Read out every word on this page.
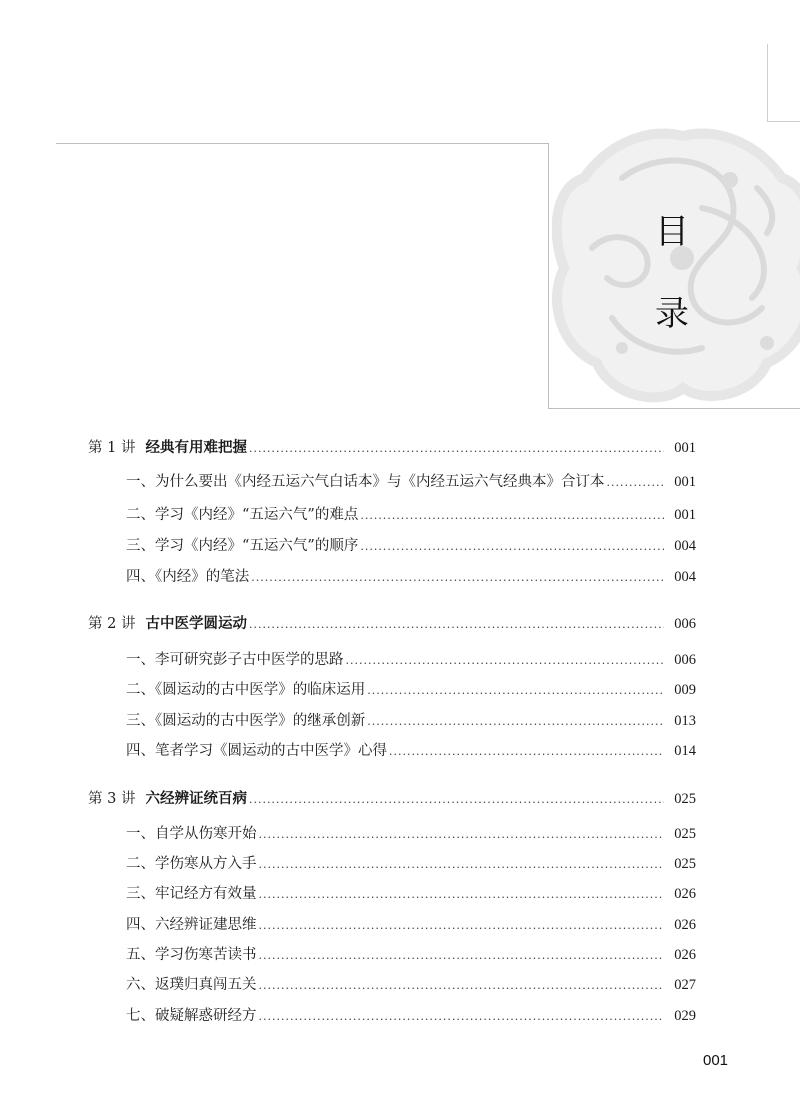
目
录
第 1 讲 经典有用难把握 .....	001
一、为什么要出《内经五运六气白话本》与《内经五运六气经典本》合订本 .....	001
二、学习《内经》“五运六气”的难点 .....	001
三、学习《内经》“五运六气”的顺序 .....	004
四、《内经》的笔法 .....	004
第 2 讲 古中医学圆运动 .....	006
一、李可研究彭子古中医学的思路 .....	006
二、《圆运动的古中医学》的临床运用 .....	009
三、《圆运动的古中医学》的继承创新 .....	013
四、笔者学习《圆运动的古中医学》心得 .....	014
第 3 讲 六经辨证统百病 .....	025
一、自学从伤寒开始 .....	025
二、学伤寒从方入手 .....	025
三、牢记经方有效量 .....	026
四、六经辨证建思维 .....	026
五、学习伤寒苦读书 .....	026
六、返璞归真闯五关 .....	027
七、破疑解惑研经方 .....	029
001
